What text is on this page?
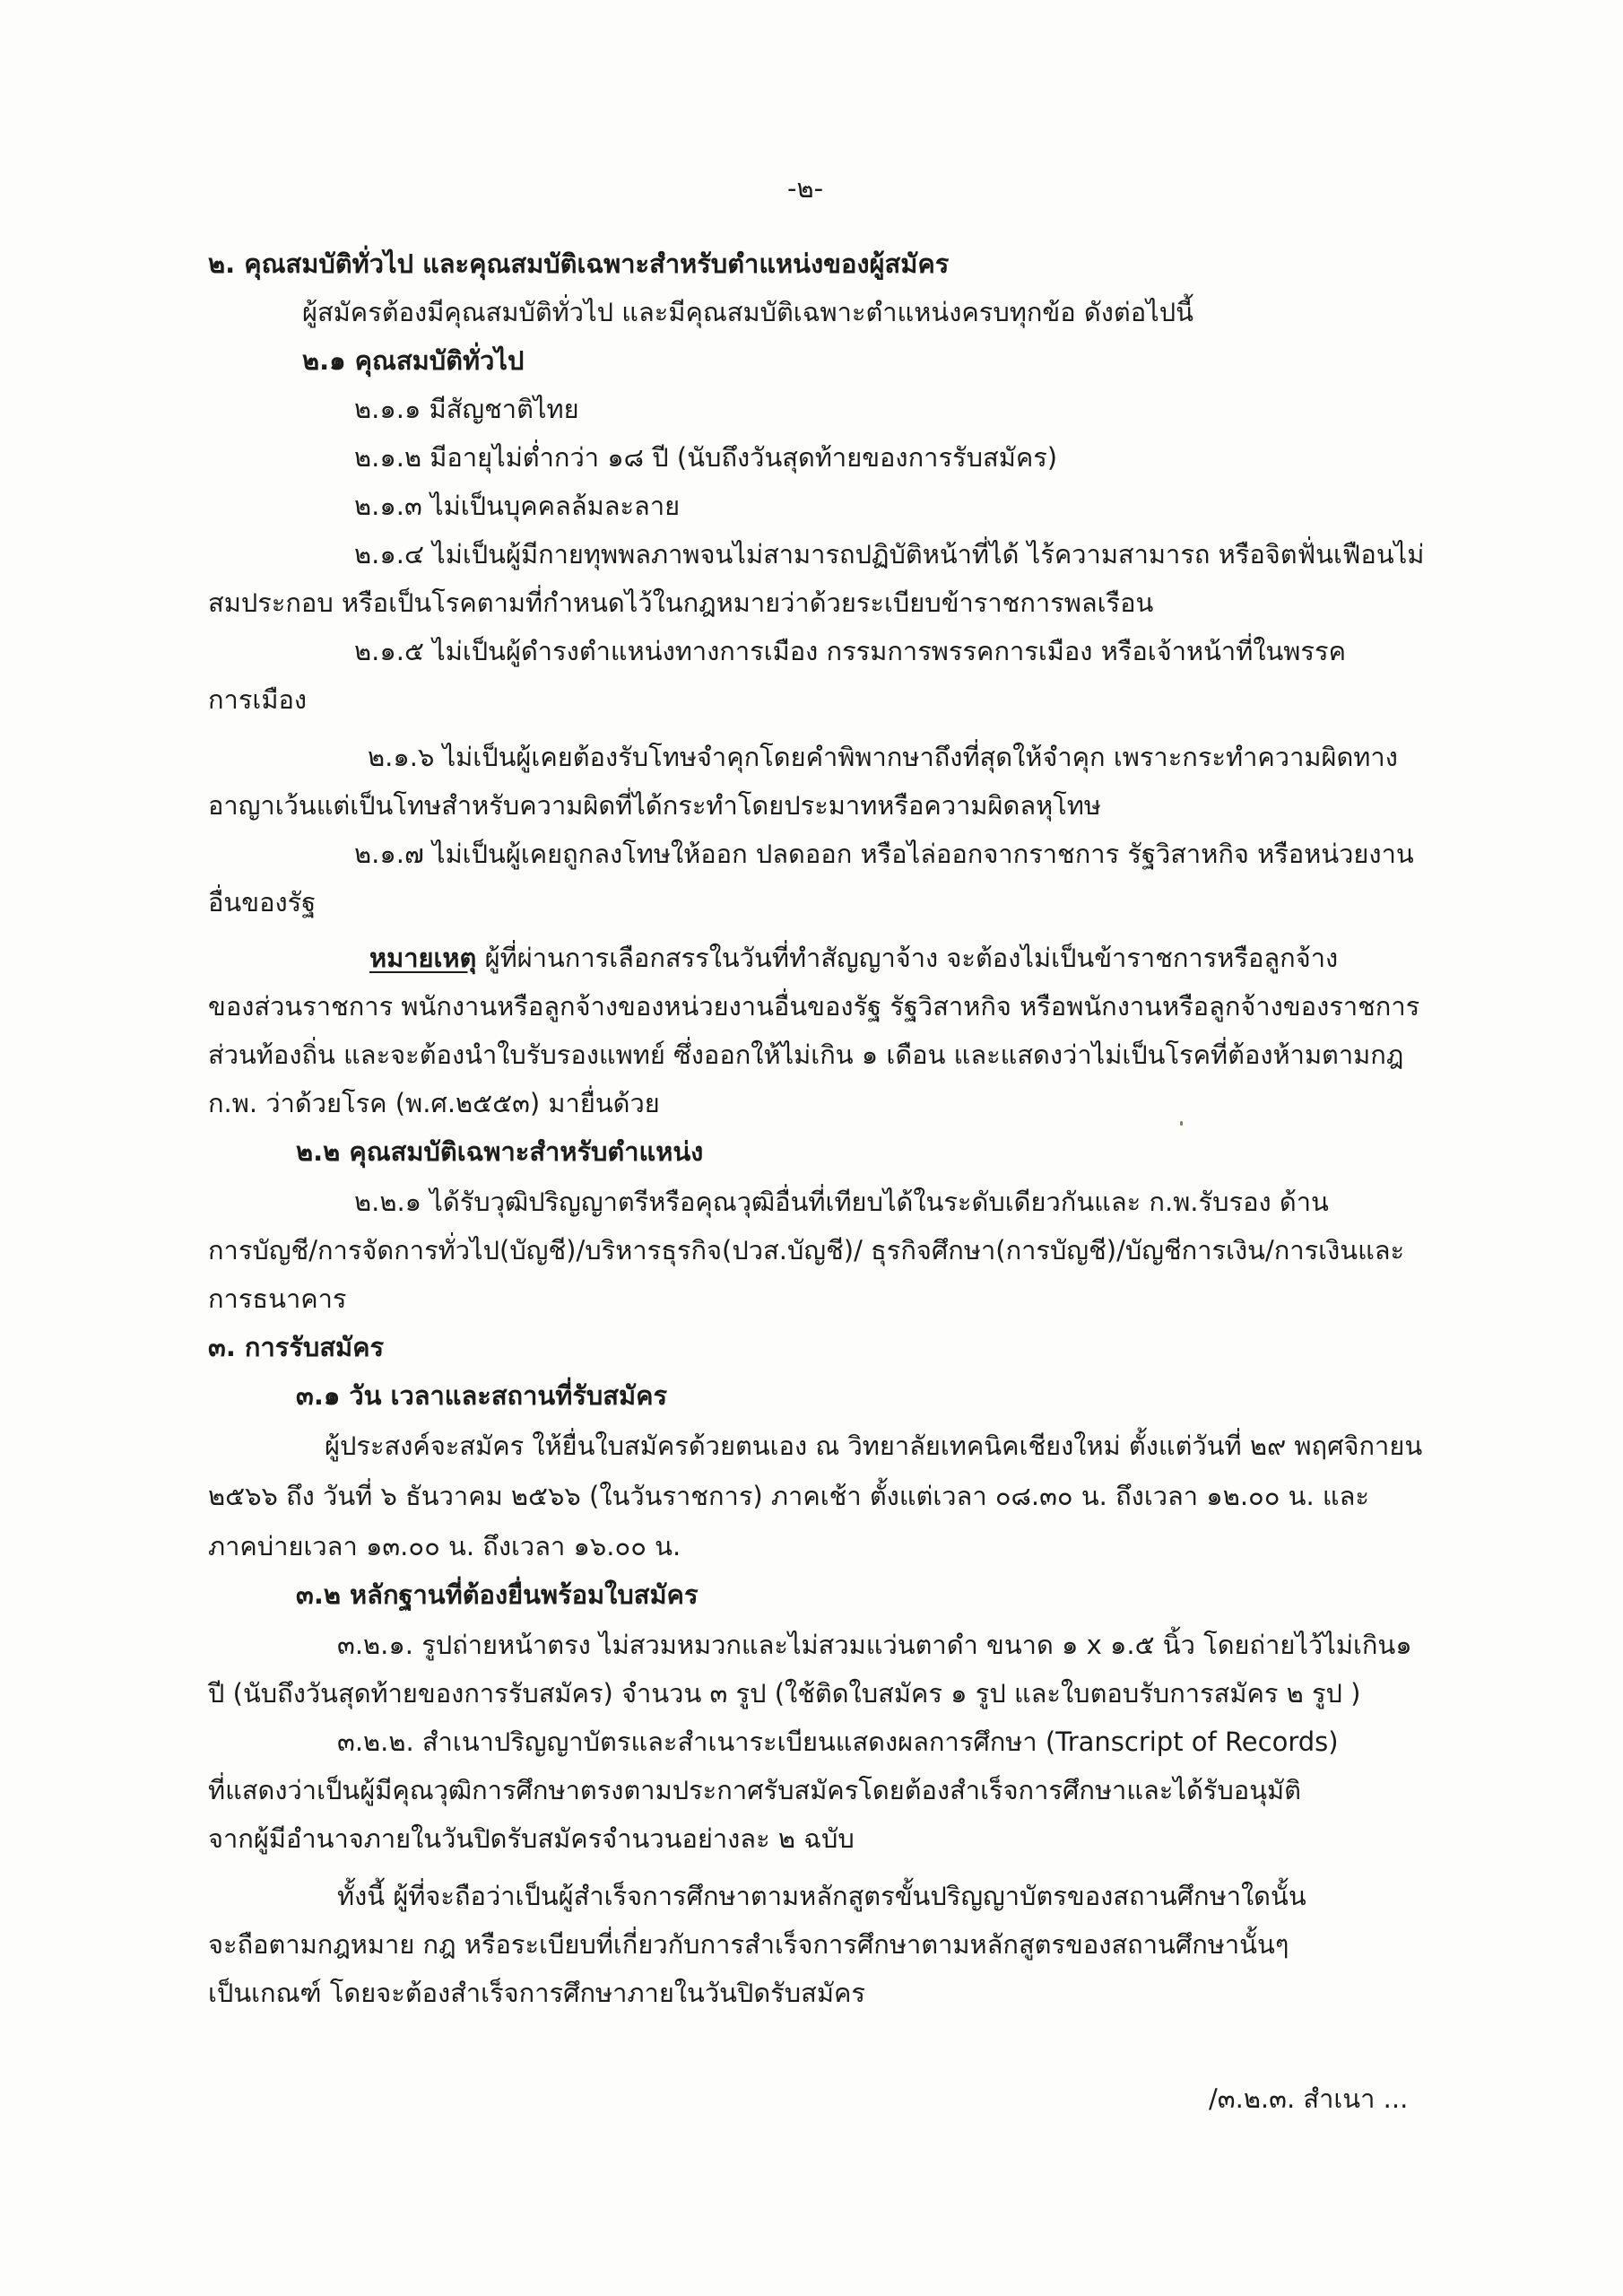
-๒-

๒. คุณสมบัติทั่วไป และคุณสมบัติเฉพาะสำหรับตำแหน่งของผู้สมัคร

ผู้สมัครต้องมีคุณสมบัติทั่วไป และมีคุณสมบัติเฉพาะตำแหน่งครบทุกข้อ ดังต่อไปนี้

๒.๑ คุณสมบัติทั่วไป

๒.๑.๑ มีสัญชาติไทย

๒.๑.๒ มีอายุไม่ต่ำกว่า ๑๘ ปี (นับถึงวันสุดท้ายของการรับสมัคร)

๒.๑.๓ ไม่เป็นบุคคลล้มละลาย

๒.๑.๔ ไม่เป็นผู้มีกายทุพพลภาพจนไม่สามารถปฏิบัติหน้าที่ได้ ไร้ความสามารถ หรือจิตฟั่นเฟือนไม่

สมประกอบ หรือเป็นโรคตามที่กำหนดไว้ในกฎหมายว่าด้วยระเบียบข้าราชการพลเรือน

๒.๑.๕ ไม่เป็นผู้ดำรงตำแหน่งทางการเมือง กรรมการพรรคการเมือง หรือเจ้าหน้าที่ในพรรค

การเมือง

๒.๑.๖ ไม่เป็นผู้เคยต้องรับโทษจำคุกโดยคำพิพากษาถึงที่สุดให้จำคุก เพราะกระทำความผิดทาง

อาญาเว้นแต่เป็นโทษสำหรับความผิดที่ได้กระทำโดยประมาทหรือความผิดลหุโทษ

๒.๑.๗ ไม่เป็นผู้เคยถูกลงโทษให้ออก ปลดออก หรือไล่ออกจากราชการ รัฐวิสาหกิจ หรือหน่วยงาน

อื่นของรัฐ

หมายเหตุ ผู้ที่ผ่านการเลือกสรรในวันที่ทำสัญญาจ้าง จะต้องไม่เป็นข้าราชการหรือลูกจ้าง

ของส่วนราชการ พนักงานหรือลูกจ้างของหน่วยงานอื่นของรัฐ รัฐวิสาหกิจ หรือพนักงานหรือลูกจ้างของราชการ

ส่วนท้องถิ่น และจะต้องนำใบรับรองแพทย์ ซึ่งออกให้ไม่เกิน ๑ เดือน และแสดงว่าไม่เป็นโรคที่ต้องห้ามตามกฎ

ก.พ. ว่าด้วยโรค (พ.ศ.๒๕๕๓) มายื่นด้วย

๒.๒ คุณสมบัติเฉพาะสำหรับตำแหน่ง

๒.๒.๑ ได้รับวุฒิปริญญาตรีหรือคุณวุฒิอื่นที่เทียบได้ในระดับเดียวกันและ ก.พ.รับรอง ด้าน

การบัญชี/การจัดการทั่วไป(บัญชี)/บริหารธุรกิจ(ปวส.บัญชี)/ ธุรกิจศึกษา(การบัญชี)/บัญชีการเงิน/การเงินและ

การธนาคาร

๓. การรับสมัคร

๓.๑ วัน เวลาและสถานที่รับสมัคร

ผู้ประสงค์จะสมัคร ให้ยื่นใบสมัครด้วยตนเอง ณ วิทยาลัยเทคนิคเชียงใหม่ ตั้งแต่วันที่ ๒๙ พฤศจิกายน

๒๕๖๖ ถึง วันที่ ๖ ธันวาคม ๒๕๖๖ (ในวันราชการ) ภาคเช้า ตั้งแต่เวลา ๐๘.๓๐ น. ถึงเวลา ๑๒.๐๐ น. และ

ภาคบ่ายเวลา ๑๓.๐๐ น. ถึงเวลา ๑๖.๐๐ น.

๓.๒ หลักฐานที่ต้องยื่นพร้อมใบสมัคร

๓.๒.๑. รูปถ่ายหน้าตรง ไม่สวมหมวกและไม่สวมแว่นตาดำ ขนาด ๑ x ๑.๕ นิ้ว โดยถ่ายไว้ไม่เกิน๑

ปี (นับถึงวันสุดท้ายของการรับสมัคร) จำนวน ๓ รูป (ใช้ติดใบสมัคร ๑ รูป และใบตอบรับการสมัคร ๒ รูป )

๓.๒.๒. สำเนาปริญญาบัตรและสำเนาระเบียนแสดงผลการศึกษา (Transcript of Records)

ที่แสดงว่าเป็นผู้มีคุณวุฒิการศึกษาตรงตามประกาศรับสมัครโดยต้องสำเร็จการศึกษาและได้รับอนุมัติ

จากผู้มีอำนาจภายในวันปิดรับสมัครจำนวนอย่างละ ๒ ฉบับ

ทั้งนี้ ผู้ที่จะถือว่าเป็นผู้สำเร็จการศึกษาตามหลักสูตรขั้นปริญญาบัตรของสถานศึกษาใดนั้น

จะถือตามกฎหมาย กฎ หรือระเบียบที่เกี่ยวกับการสำเร็จการศึกษาตามหลักสูตรของสถานศึกษานั้นๆ

เป็นเกณฑ์ โดยจะต้องสำเร็จการศึกษาภายในวันปิดรับสมัคร

/๓.๒.๓. สำเนา ...
